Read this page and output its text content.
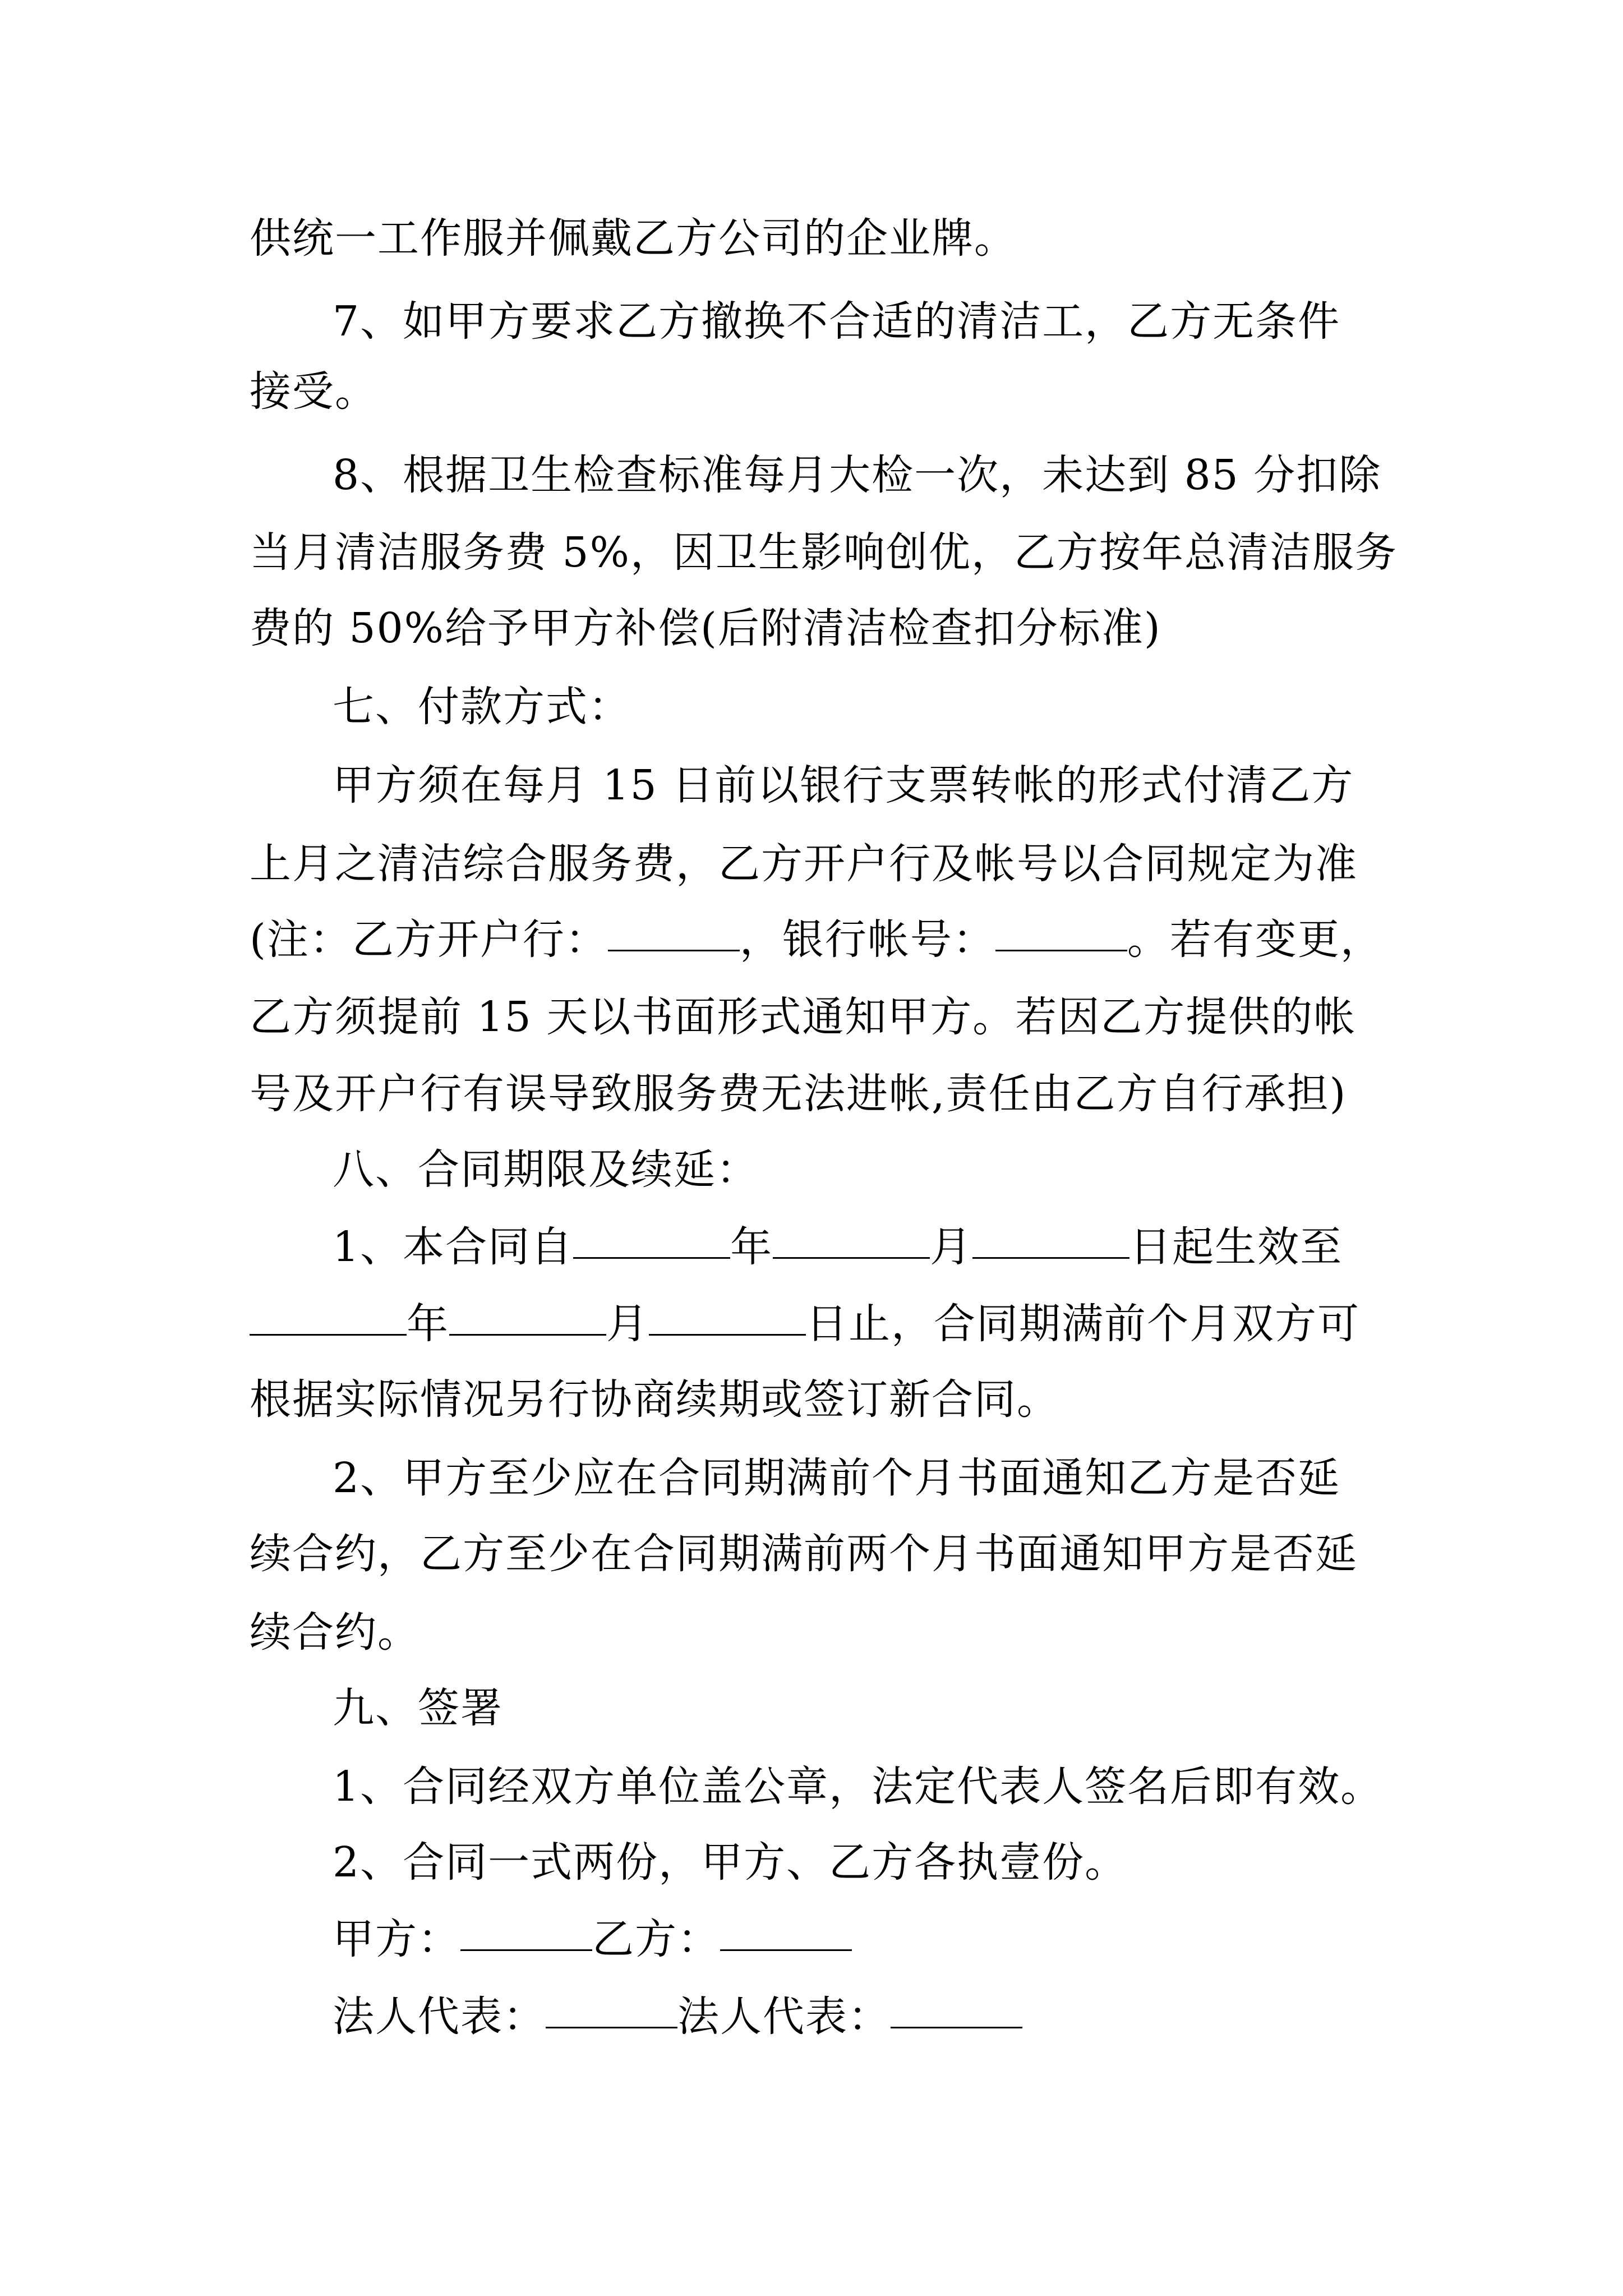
供统一工作服并佩戴乙方公司的企业牌。
7、如甲方要求乙方撤换不合适的清洁工，乙方无条件
接受。
8、根据卫生检查标准每月大检一次，未达到 85 分扣除
当月清洁服务费 5%，因卫生影响创优，乙方按年总清洁服务
费的 50%给予甲方补偿(后附清洁检查扣分标准)
七、付款方式：
甲方须在每月 15 日前以银行支票转帐的形式付清乙方
上月之清洁综合服务费，乙方开户行及帐号以合同规定为准
(注：乙方开户行：	，银行帐号：	。若有变更，
乙方须提前 15 天以书面形式通知甲方。若因乙方提供的帐
号及开户行有误导致服务费无法进帐,责任由乙方自行承担)
八、合同期限及续延：
1、本合同自	年	月	日起生效至
年	月	日止，合同期满前个月双方可
根据实际情况另行协商续期或签订新合同。
2、甲方至少应在合同期满前个月书面通知乙方是否延
续合约，乙方至少在合同期满前两个月书面通知甲方是否延
续合约。
九、签署
1、合同经双方单位盖公章，法定代表人签名后即有效。
2、合同一式两份，甲方、乙方各执壹份。
甲方：	乙方：
法人代表：	法人代表：
